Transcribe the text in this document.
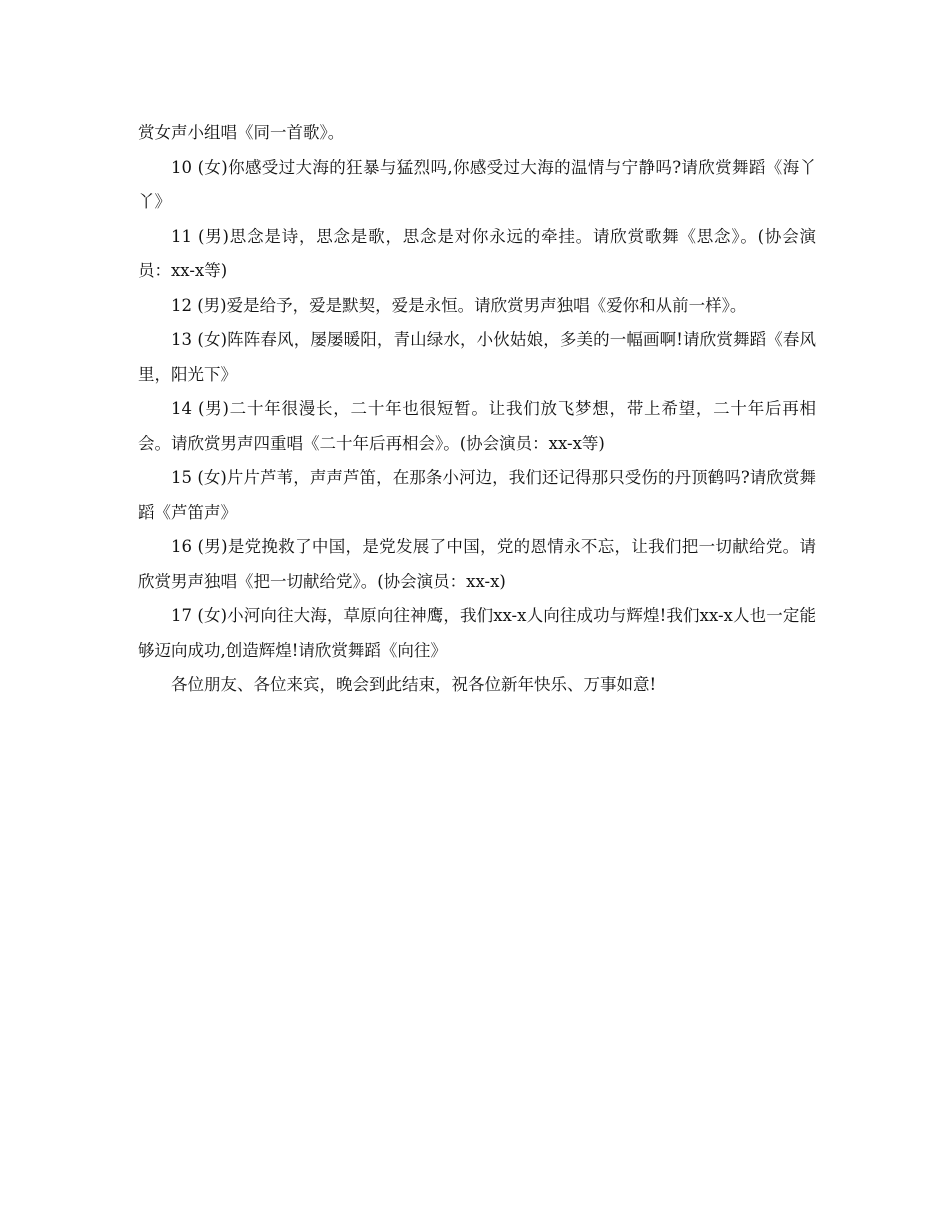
赏女声小组唱《同一首歌》。

10 (女)你感受过大海的狂暴与猛烈吗,你感受过大海的温情与宁静吗?请欣赏舞蹈《海丫丫》

11 (男)思念是诗，思念是歌，思念是对你永远的牵挂。请欣赏歌舞《思念》。(协会演员：xx-x等)

12 (男)爱是给予，爱是默契，爱是永恒。请欣赏男声独唱《爱你和从前一样》。

13 (女)阵阵春风，屡屡暖阳，青山绿水，小伙姑娘，多美的一幅画啊!请欣赏舞蹈《春风里，阳光下》

14 (男)二十年很漫长，二十年也很短暂。让我们放飞梦想，带上希望，二十年后再相会。请欣赏男声四重唱《二十年后再相会》。(协会演员：xx-x等)

15 (女)片片芦苇，声声芦笛，在那条小河边，我们还记得那只受伤的丹顶鹤吗?请欣赏舞蹈《芦笛声》

16 (男)是党挽救了中国，是党发展了中国，党的恩情永不忘，让我们把一切献给党。请欣赏男声独唱《把一切献给党》。(协会演员：xx-x)

17 (女)小河向往大海，草原向往神鹰，我们xx-x人向往成功与辉煌!我们xx-x人也一定能够迈向成功,创造辉煌!请欣赏舞蹈《向往》

各位朋友、各位来宾，晚会到此结束，祝各位新年快乐、万事如意!
